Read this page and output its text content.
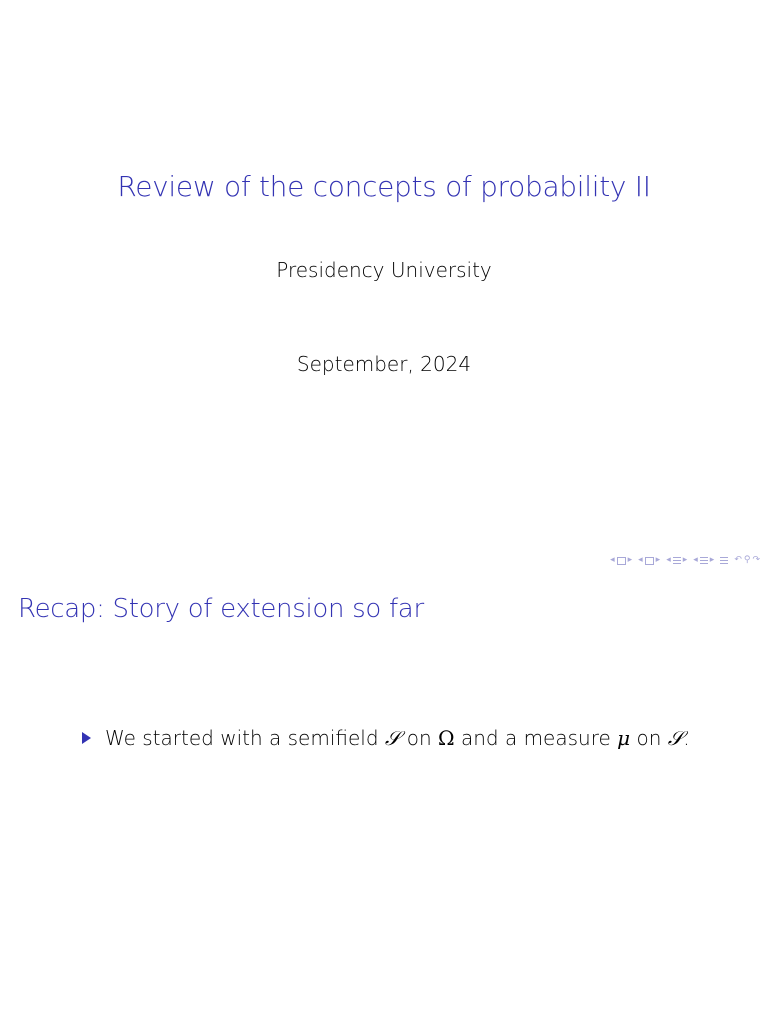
Review of the concepts of probability II
Presidency University
September, 2024
◂ ▸ ◂ ▸ ◂ ▸ ◂ ▸ ↶ ⚲ ↷
Recap: Story of extension so far
We started with a semifield 𝒮 on Ω and a measure μ on 𝒮.
